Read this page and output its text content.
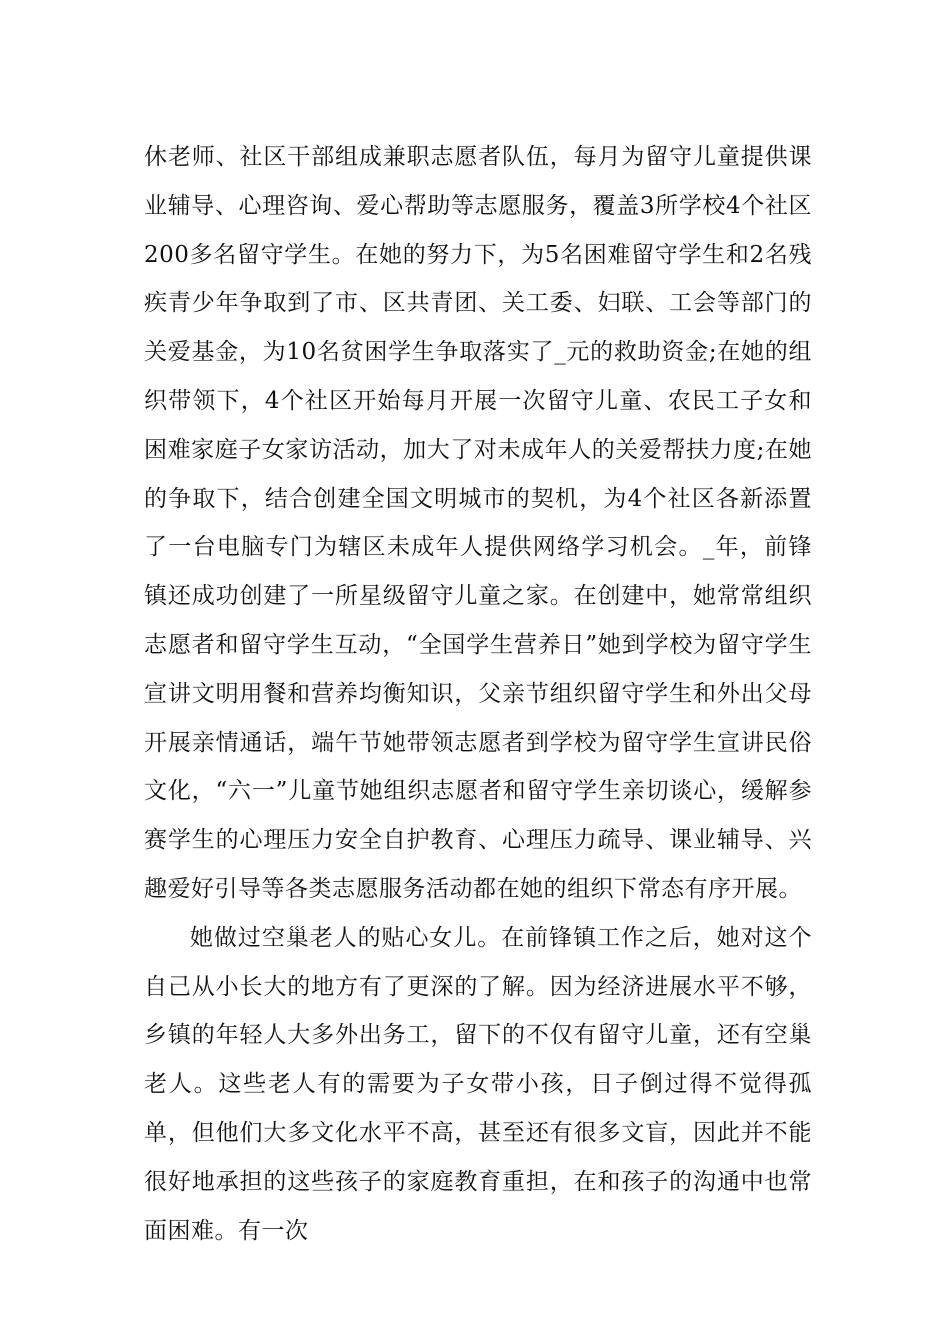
休老师、社区干部组成兼职志愿者队伍，每月为留守儿童提供课业辅导、心理咨询、爱心帮助等志愿服务，覆盖3所学校4个社区200多名留守学生。在她的努力下，为5名困难留守学生和2名残疾青少年争取到了市、区共青团、关工委、妇联、工会等部门的关爱基金，为10名贫困学生争取落实了_元的救助资金;在她的组织带领下，4个社区开始每月开展一次留守儿童、农民工子女和困难家庭子女家访活动，加大了对未成年人的关爱帮扶力度;在她的争取下，结合创建全国文明城市的契机，为4个社区各新添置了一台电脑专门为辖区未成年人提供网络学习机会。_年，前锋镇还成功创建了一所星级留守儿童之家。在创建中，她常常组织志愿者和留守学生互动，“全国学生营养日”她到学校为留守学生宣讲文明用餐和营养均衡知识，父亲节组织留守学生和外出父母开展亲情通话，端午节她带领志愿者到学校为留守学生宣讲民俗文化，“六一”儿童节她组织志愿者和留守学生亲切谈心，缓解参赛学生的心理压力安全自护教育、心理压力疏导、课业辅导、兴趣爱好引导等各类志愿服务活动都在她的组织下常态有序开展。

她做过空巢老人的贴心女儿。在前锋镇工作之后，她对这个自己从小长大的地方有了更深的了解。因为经济进展水平不够，乡镇的年轻人大多外出务工，留下的不仅有留守儿童，还有空巢老人。这些老人有的需要为子女带小孩，日子倒过得不觉得孤单，但他们大多文化水平不高，甚至还有很多文盲，因此并不能很好地承担的这些孩子的家庭教育重担，在和孩子的沟通中也常面困难。有一次
